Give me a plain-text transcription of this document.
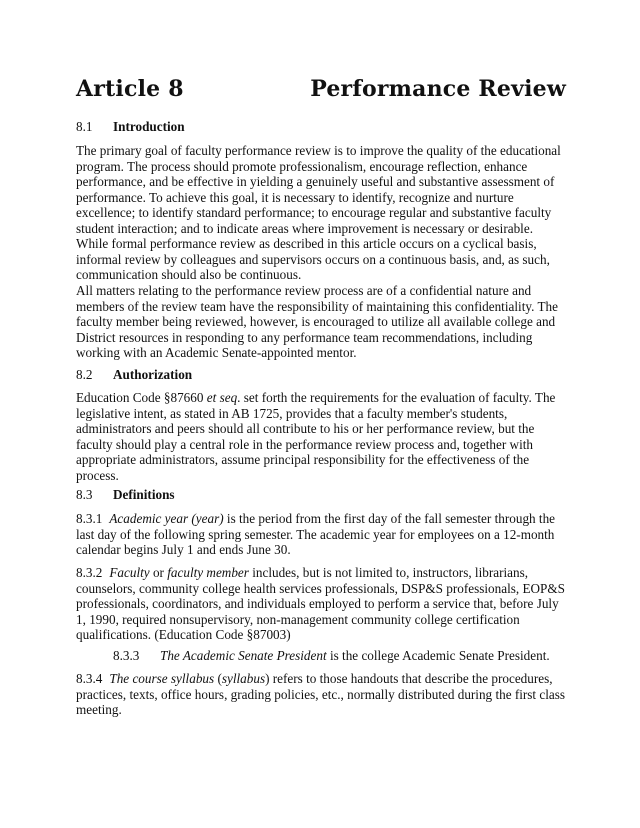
Article 8	Performance Review
8.1 Introduction

The primary goal of faculty performance review is to improve the quality of the educational program. The process should promote professionalism, encourage reflection, enhance performance, and be effective in yielding a genuinely useful and substantive assessment of performance. To achieve this goal, it is necessary to identify, recognize and nurture excellence; to identify standard performance; to encourage regular and substantive faculty student interaction; and to indicate areas where improvement is necessary or desirable. While formal performance review as described in this article occurs on a cyclical basis, informal review by colleagues and supervisors occurs on a continuous basis, and, as such, communication should also be continuous.

All matters relating to the performance review process are of a confidential nature and members of the review team have the responsibility of maintaining this confidentiality. The faculty member being reviewed, however, is encouraged to utilize all available college and District resources in responding to any performance team recommendations, including working with an Academic Senate-appointed mentor.

8.2 Authorization

Education Code §87660 et seq. set forth the requirements for the evaluation of faculty. The legislative intent, as stated in AB 1725, provides that a faculty member's students, administrators and peers should all contribute to his or her performance review, but the faculty should play a central role in the performance review process and, together with appropriate administrators, assume principal responsibility for the effectiveness of the process.

8.3 Definitions

8.3.1 Academic year (year) is the period from the first day of the fall semester through the last day of the following spring semester. The academic year for employees on a 12-month calendar begins July 1 and ends June 30.

8.3.2 Faculty or faculty member includes, but is not limited to, instructors, librarians, counselors, community college health services professionals, DSP&S professionals, EOP&S professionals, coordinators, and individuals employed to perform a service that, before July 1, 1990, required nonsupervisory, non-management community college certification qualifications. (Education Code §87003)

8.3.3 The Academic Senate President is the college Academic Senate President.

8.3.4 The course syllabus (syllabus) refers to those handouts that describe the procedures, practices, texts, office hours, grading policies, etc., normally distributed during the first class meeting.
